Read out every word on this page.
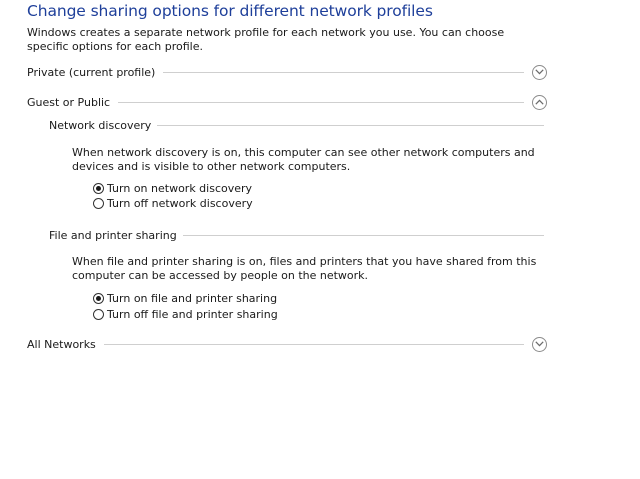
Change sharing options for different network profiles
Windows creates a separate network profile for each network you use. You can choose specific options for each profile.
Private (current profile)
Guest or Public
Network discovery
When network discovery is on, this computer can see other network computers and devices and is visible to other network computers.
Turn on network discovery
Turn off network discovery
File and printer sharing
When file and printer sharing is on, files and printers that you have shared from this computer can be accessed by people on the network.
Turn on file and printer sharing
Turn off file and printer sharing
All Networks
